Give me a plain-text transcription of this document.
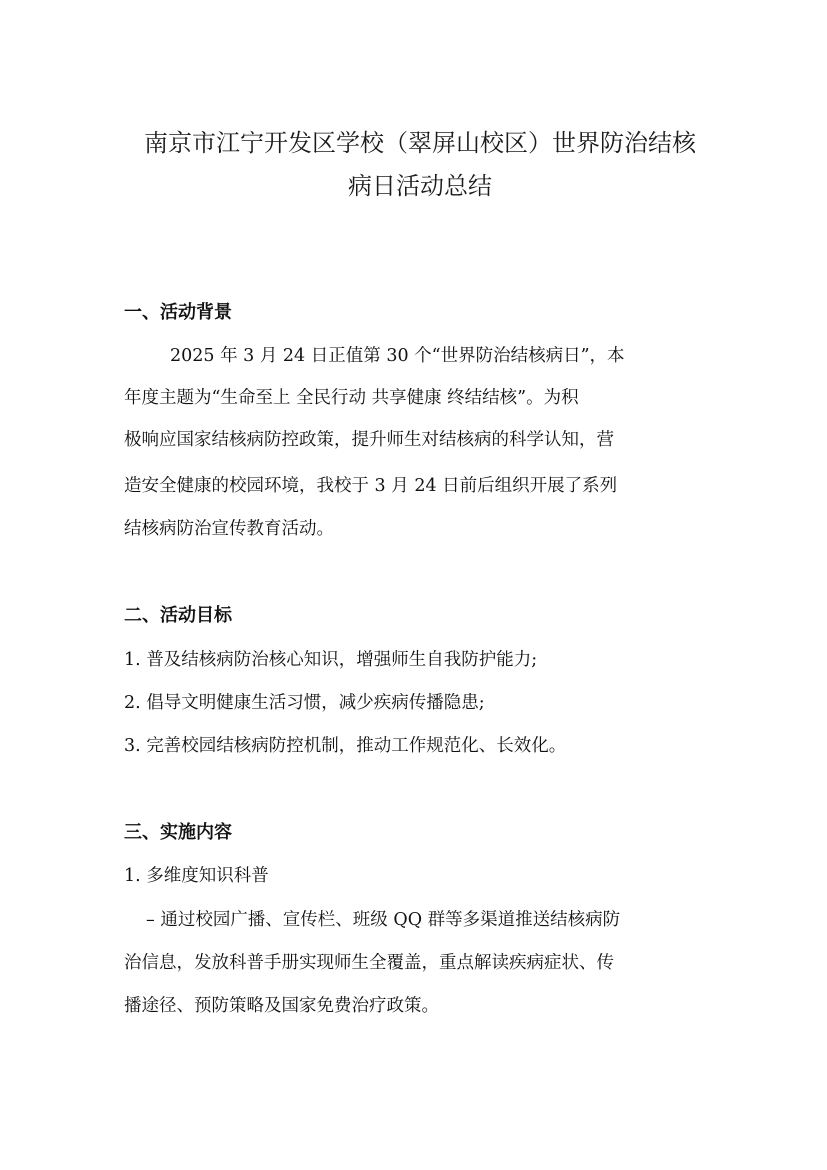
南京市江宁开发区学校（翠屏山校区）世界防治结核
病日活动总结
一、活动背景
2025 年 3 月 24 日正值第 30 个“世界防治结核病日”，本
年度主题为“生命至上 全民行动 共享健康 终结结核”。为积
极响应国家结核病防控政策，提升师生对结核病的科学认知，营
造安全健康的校园环境，我校于 3 月 24 日前后组织开展了系列
结核病防治宣传教育活动。
二、活动目标
1. 普及结核病防治核心知识，增强师生自我防护能力;
2. 倡导文明健康生活习惯，减少疾病传播隐患;
3. 完善校园结核病防控机制，推动工作规范化、长效化。
三、实施内容
1. 多维度知识科普
– 通过校园广播、宣传栏、班级 QQ 群等多渠道推送结核病防
治信息，发放科普手册实现师生全覆盖，重点解读疾病症状、传
播途径、预防策略及国家免费治疗政策。
